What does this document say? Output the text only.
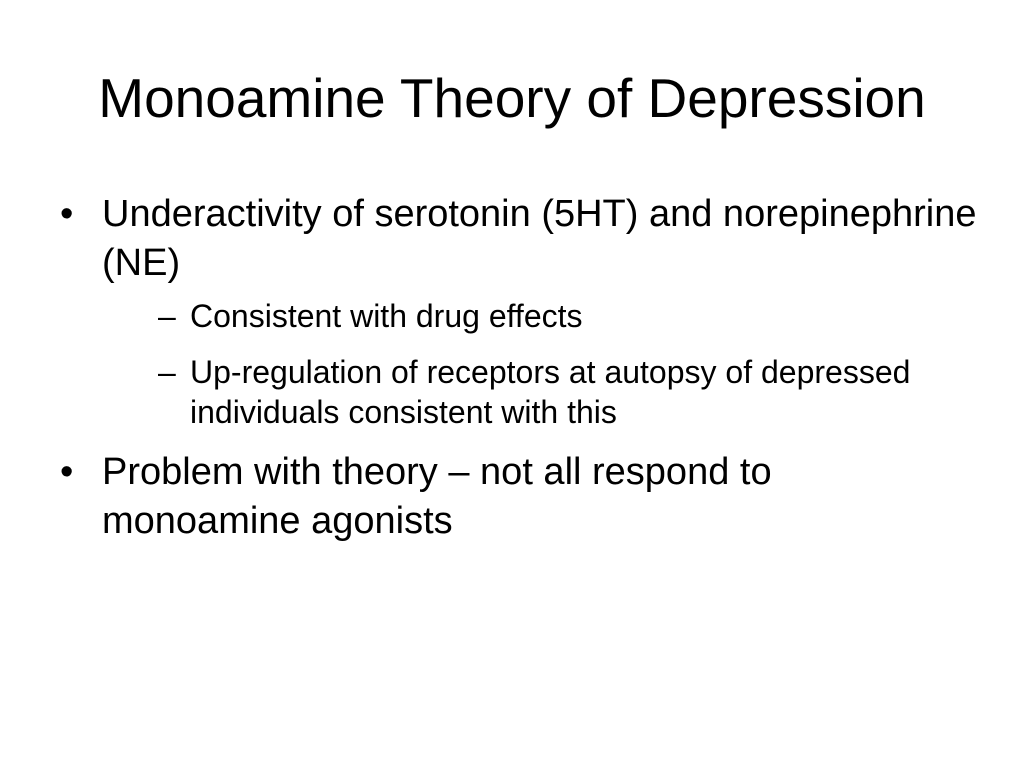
Monoamine Theory of Depression
• Underactivity of serotonin (5HT) and norepinephrine (NE)
– Consistent with drug effects
– Up-regulation of receptors at autopsy of depressed individuals consistent with this
• Problem with theory – not all respond to monoamine agonists
